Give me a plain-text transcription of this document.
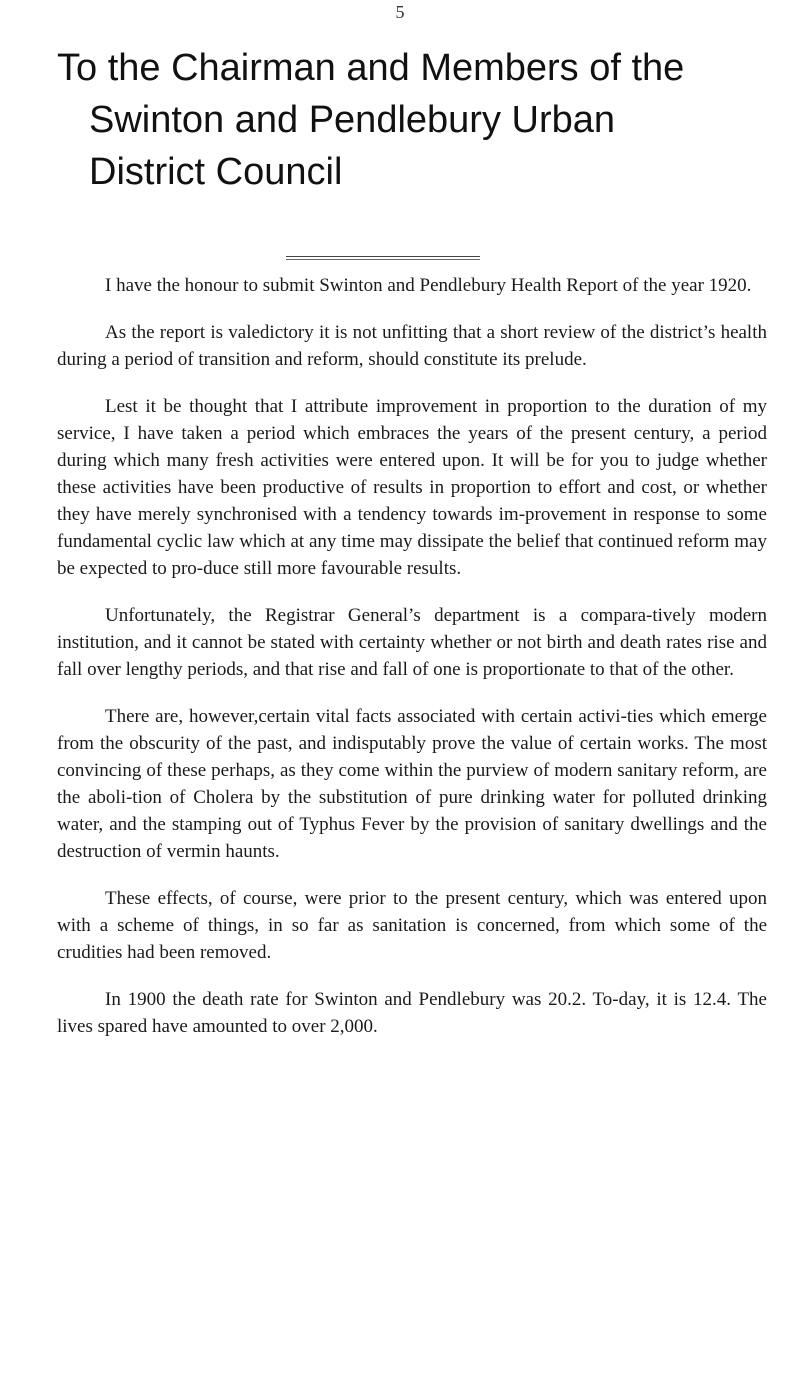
5
To the Chairman and Members of the
Swinton and Pendlebury Urban
District Council

I have the honour to submit Swinton and Pendlebury Health Report of the year 1920.

As the report is valedictory it is not unfitting that a short review of the district’s health during a period of transition and reform, should constitute its prelude.

Lest it be thought that I attribute improvement in proportion to the duration of my service, I have taken a period which embraces the years of the present century, a period during which many fresh activities were entered upon. It will be for you to judge whether these activities have been productive of results in proportion to effort and cost, or whether they have merely synchronised with a tendency towards im-provement in response to some fundamental cyclic law which at any time may dissipate the belief that continued reform may be expected to pro-duce still more favourable results.

Unfortunately, the Registrar General’s department is a compara-tively modern institution, and it cannot be stated with certainty whether or not birth and death rates rise and fall over lengthy periods, and that rise and fall of one is proportionate to that of the other.

There are, however,certain vital facts associated with certain activi-ties which emerge from the obscurity of the past, and indisputably prove the value of certain works. The most convincing of these perhaps, as they come within the purview of modern sanitary reform, are the aboli-tion of Cholera by the substitution of pure drinking water for polluted drinking water, and the stamping out of Typhus Fever by the provision of sanitary dwellings and the destruction of vermin haunts.

These effects, of course, were prior to the present century, which was entered upon with a scheme of things, in so far as sanitation is concerned, from which some of the crudities had been removed.

In 1900 the death rate for Swinton and Pendlebury was 20.2. To-day, it is 12.4. The lives spared have amounted to over 2,000.
